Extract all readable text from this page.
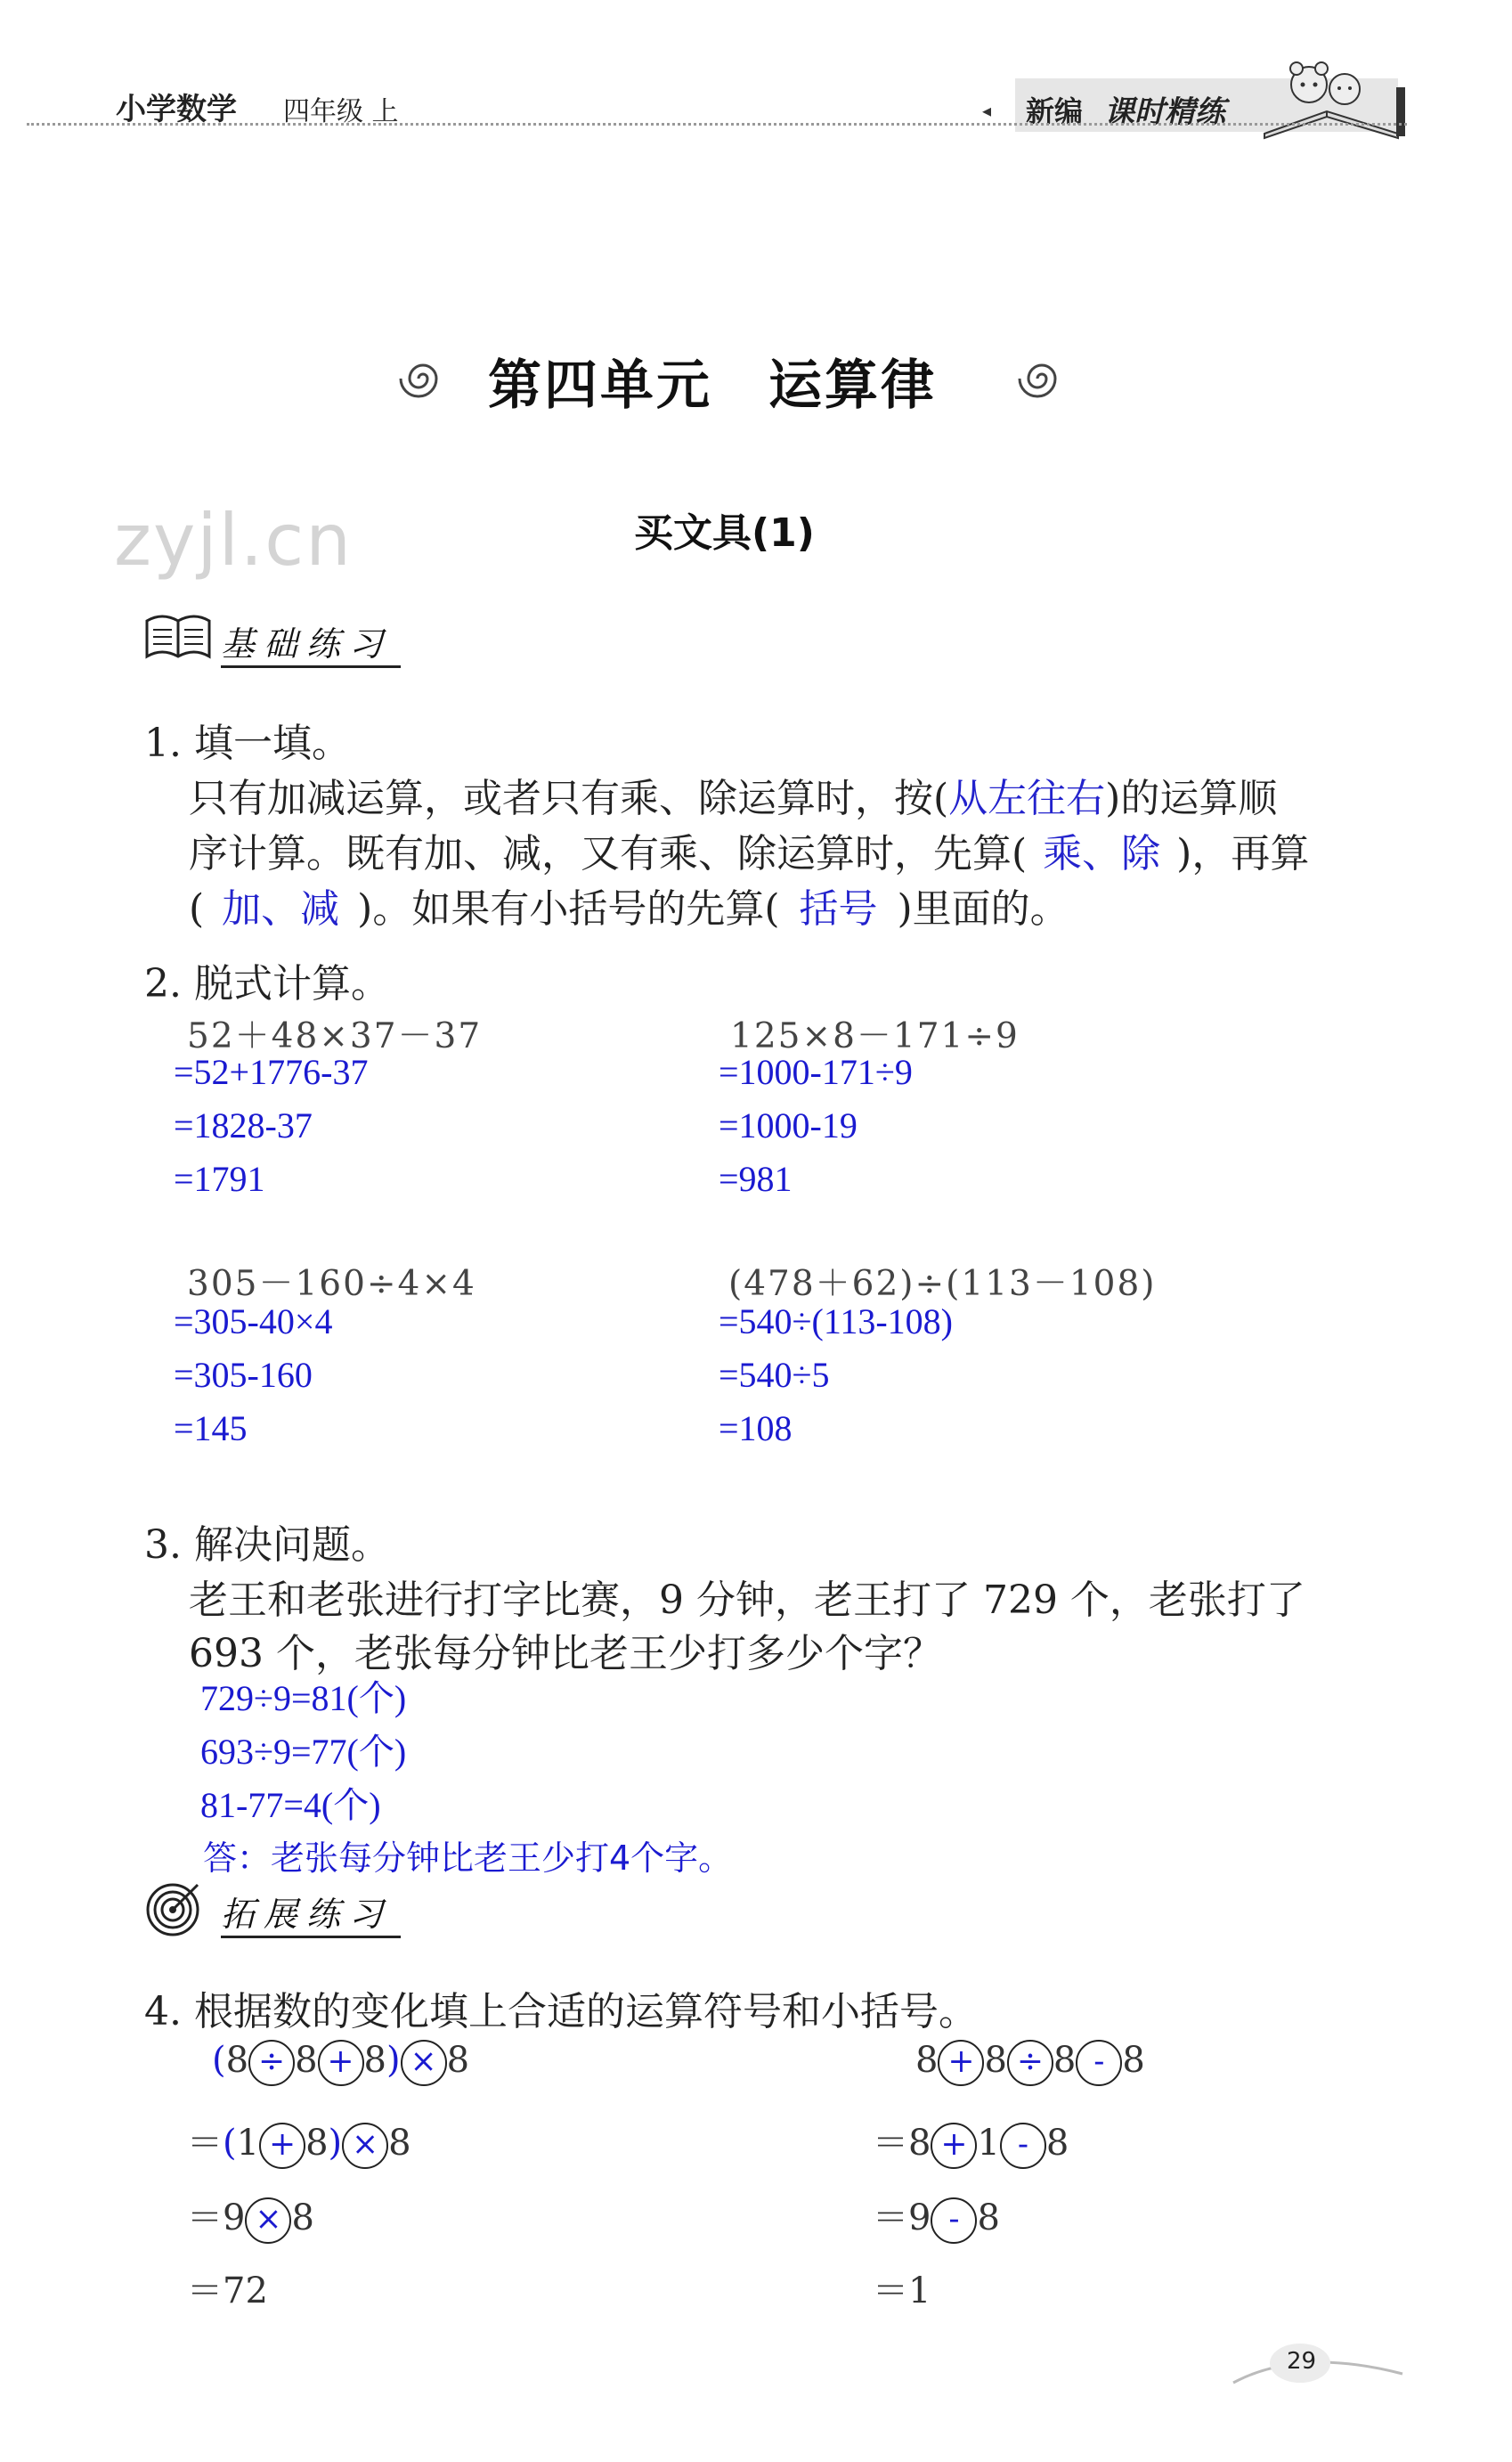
小学数学 四年级 上	◂ 新编 课时精练
第四单元　运算律
zyjl.cn	买文具(1)
基础练习
1. 填一填。
只有加减运算，或者只有乘、除运算时，按(从左往右)的运算顺
序计算。既有加、减，又有乘、除运算时，先算( 乘、除 )，再算
( 加、减 )。如果有小括号的先算( 括号 )里面的。
2. 脱式计算。
52＋48×37－37
=52+1776-37
=1828-37
=1791
125×8－171÷9
=1000-171÷9
=1000-19
=981
305－160÷4×4
=305-40×4
=305-160
=145
(478＋62)÷(113－108)
=540÷(113-108)
=540÷5
=108
3. 解决问题。
老王和老张进行打字比赛，9 分钟，老王打了 729 个，老张打了
693 个，老张每分钟比老王少打多少个字？
729÷9=81(个)
693÷9=77(个)
81-77=4(个)
答：老张每分钟比老王少打4个字。
拓展练习
4. 根据数的变化填上合适的运算符号和小括号。
(8 ÷ 8 + 8) × 8
＝(1 + 8) × 8
＝9 × 8
＝72
8 + 8 ÷ 8 - 8
＝8 + 1 - 8
＝9 - 8
＝1
29
